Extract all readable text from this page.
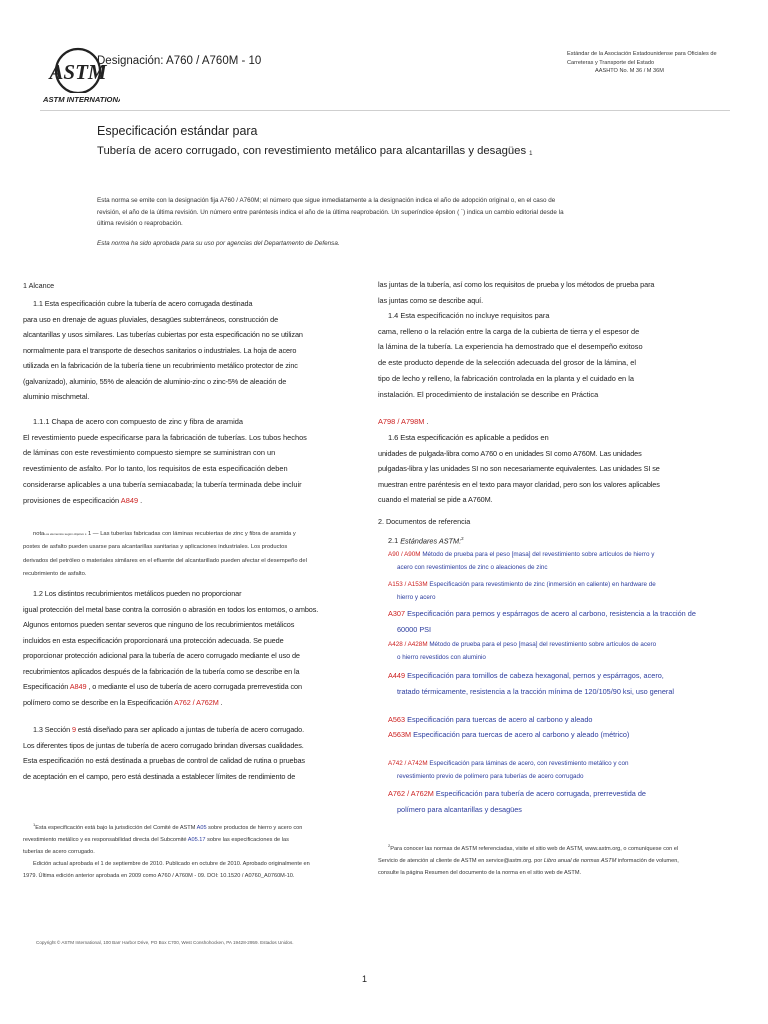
ASTM
ASTM INTERNATIONAL
Designación: A760 / A760M - 10
Estándar de la Asociación Estadounidense para Oficiales de
Carreteras y Transporte del Estado
AASHTO No. M 36 / M 36M
Especificación estándar para
Tubería de acero corrugado, con revestimiento metálico para alcantarillas y desagües 1
Esta norma se emite con la designación fija A760 / A760M; el número que sigue inmediatamente a la designación indica el año de adopción original o, en el caso de
revisión, el año de la última revisión. Un número entre paréntesis indica el año de la última reaprobación. Un superíndice épsilon ( ´) indica un cambio editorial desde la
última revisión o reaprobación.
Esta norma ha sido aprobada para su uso por agencias del Departamento de Defensa.
1 Alcance
1.1 Esta especificación cubre la tubería de acero corrugada destinada
para uso en drenaje de aguas pluviales, desagües subterráneos, construcción de
alcantarillas y usos similares. Las tuberías cubiertas por esta especificación no se utilizan
normalmente para el transporte de desechos sanitarios o industriales. La hoja de acero
utilizada en la fabricación de la tubería tiene un recubrimiento metálico protector de zinc
(galvanizado), aluminio, 55% de aleación de aluminio-zinc o zinc-5% de aleación de
aluminio mischmetal.
1.1.1 Chapa de acero con compuesto de zinc y fibra de aramida
El revestimiento puede especificarse para la fabricación de tuberías. Los tubos hechos
de láminas con este revestimiento compuesto siempre se suministran con un
revestimiento de asfalto. Por lo tanto, los requisitos de esta especificación deben
considerarse aplicables a una tubería semiacabada; la tubería terminada debe incluir
provisiones de especificación A849 .
notaLos elementos según objetivo s 1 — Las tuberías fabricadas con láminas recubiertas de zinc y fibra de aramida y
postes de asfalto pueden usarse para alcantarillas sanitarias y aplicaciones industriales. Los productos
derivados del petróleo o materiales similares en el efluente del alcantarillado pueden afectar el desempeño del
recubrimiento de asfalto.
1.2 Los distintos recubrimientos metálicos pueden no proporcionar
igual protección del metal base contra la corrosión o abrasión en todos los entornos, o ambos.
Algunos entornos pueden sentar severos que ninguno de los recubrimientos metálicos
incluidos en esta especificación proporcionará una protección adecuada. Se puede
proporcionar protección adicional para la tubería de acero corrugado mediante el uso de
recubrimientos aplicados después de la fabricación de la tubería como se describe en la
Especificación A849 , o mediante el uso de tubería de acero corrugada prerrevestida con
polímero como se describe en la Especificación A762 / A762M .
1.3 Sección 9 está diseñado para ser aplicado a juntas de tubería de acero corrugado.
Los diferentes tipos de juntas de tubería de acero corrugado brindan diversas cualidades.
Esta especificación no está destinada a pruebas de control de calidad de rutina o pruebas
de aceptación en el campo, pero está destinada a establecer límites de rendimiento de
$^1$Esta especificación está bajo la jurisdicción del Comité de ASTM A05 sobre productos de hierro y acero con
revestimiento metálico y es responsabilidad directa del Subcomité A05.17 sobre las especificaciones de las
tuberías de acero corrugado.
Edición actual aprobada el 1 de septiembre de 2010. Publicado en octubre de 2010. Aprobado originalmente en
1979. Última edición anterior aprobada en 2009 como A760 / A760M - 09. DOI: 10.1520 / A0760_A0760M-10.
las juntas de la tubería, así como los requisitos de prueba y los métodos de prueba para
las juntas como se describe aquí.
1.4 Esta especificación no incluye requisitos para
cama, relleno o la relación entre la carga de la cubierta de tierra y el espesor de
la lámina de la tubería. La experiencia ha demostrado que el desempeño exitoso
de este producto depende de la selección adecuada del grosor de la lámina, el
tipo de lecho y relleno, la fabricación controlada en la planta y el cuidado en la
instalación. El procedimiento de instalación se describe en Práctica
A798 / A798M .
1.6 Esta especificación es aplicable a pedidos en
unidades de pulgada-libra como A760 o en unidades SI como A760M. Las unidades
pulgadas-libra y las unidades SI no son necesariamente equivalentes. Las unidades SI se
muestran entre paréntesis en el texto para mayor claridad, pero son los valores aplicables
cuando el material se pide a A760M.
2. Documentos de referencia
2.1 Estándares ASTM:$^2$
A90 / A90M Método de prueba para el peso [masa] del revestimiento sobre artículos de hierro y
acero con revestimientos de zinc o aleaciones de zinc
A153 / A153M Especificación para revestimiento de zinc (inmersión en caliente) en hardware de
hierro y acero
A307 Especificación para pernos y espárragos de acero al carbono, resistencia a la tracción de
60000 PSI
A428 / A428M Método de prueba para el peso [masa] del revestimiento sobre artículos de acero
o hierro revestidos con aluminio
A449 Especificación para tornillos de cabeza hexagonal, pernos y espárragos, acero,
tratado térmicamente, resistencia a la tracción mínima de 120/105/90 ksi, uso general
A563 Especificación para tuercas de acero al carbono y aleado
A563M Especificación para tuercas de acero al carbono y aleado (métrico)
A742 / A742M Especificación para láminas de acero, con revestimiento metálico y con
revestimiento previo de polímero para tuberías de acero corrugado
A762 / A762M Especificación para tubería de acero corrugada, prerrevestida de
polímero para alcantarillas y desagües
$^2$Para conocer las normas de ASTM referenciadas, visite el sitio web de ASTM, www.astm.org, o comuníquese con el
Servicio de atención al cliente de ASTM en service@astm.org. por Libro anual de normas ASTM información de volumen,
consulte la página Resumen del documento de la norma en el sitio web de ASTM.
Copyright © ASTM International, 100 Barr Harbor Drive, PO Box C700, West Conshohocken, PA 19428-2959. Estados Unidos.
1
